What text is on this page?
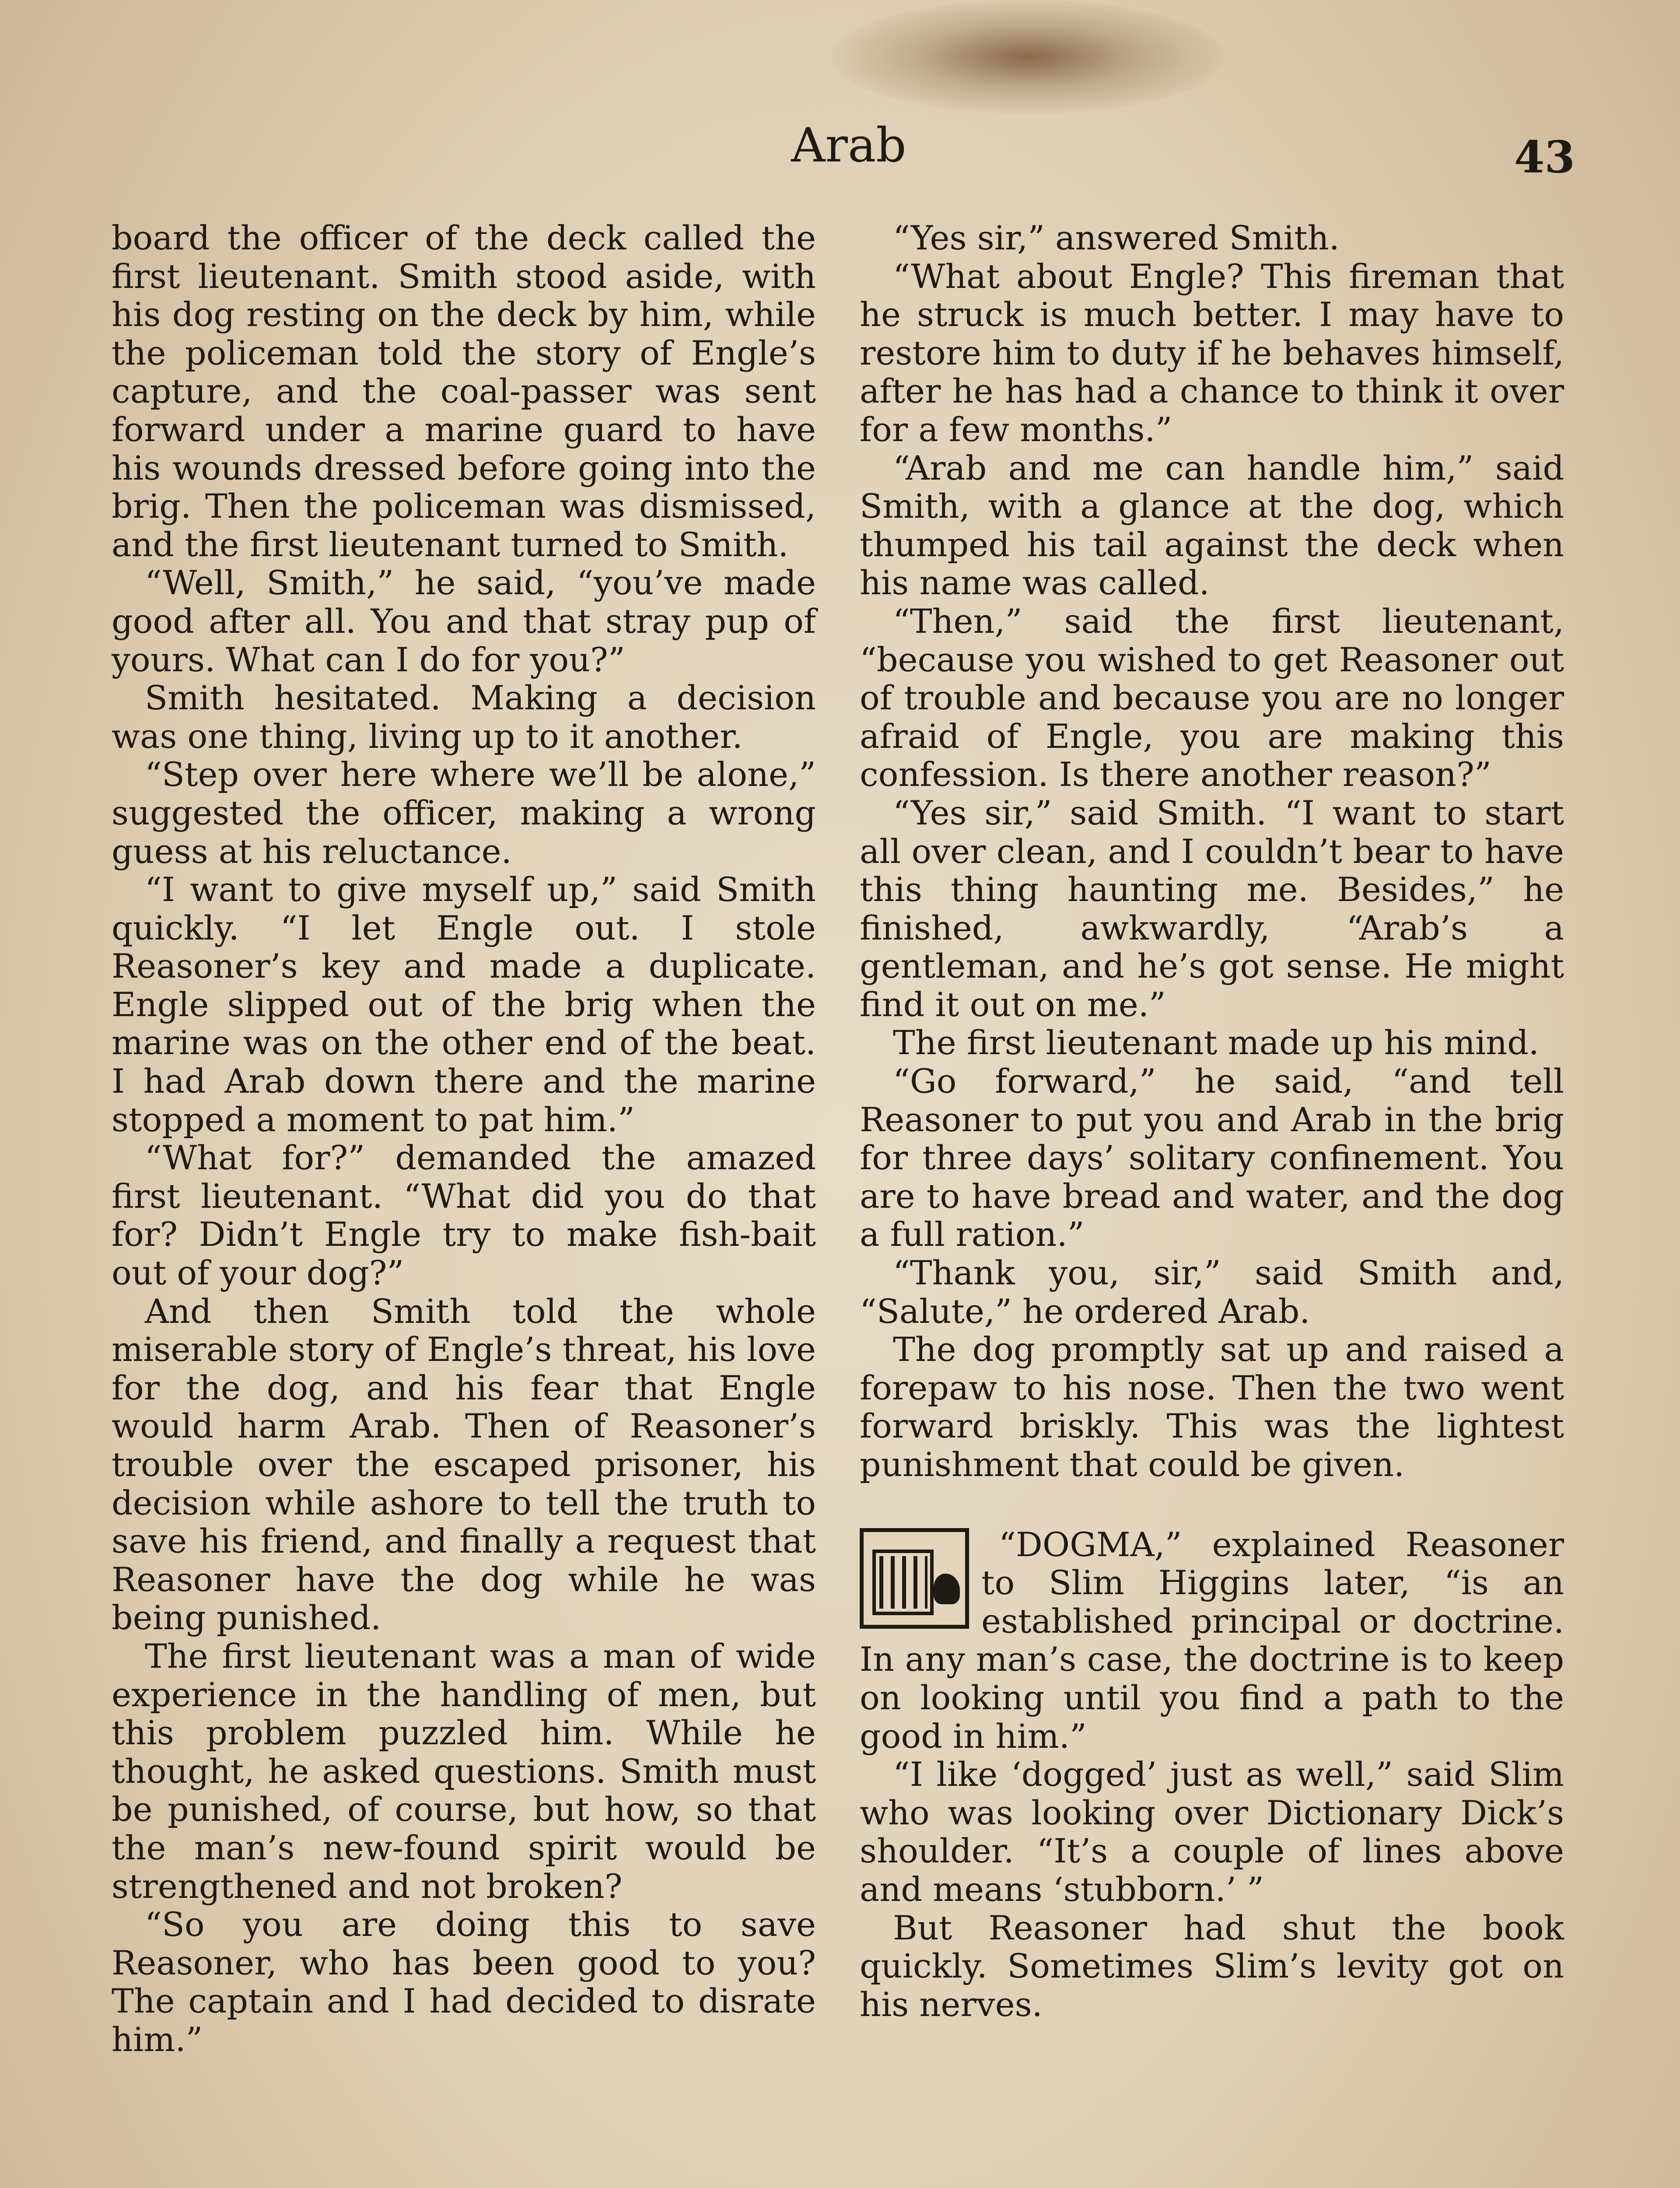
Arab	43

board the officer of the deck called the first lieutenant. Smith stood aside, with his dog resting on the deck by him, while the policeman told the story of Engle’s capture, and the coal-passer was sent forward under a marine guard to have his wounds dressed before going into the brig. Then the policeman was dismissed, and the first lieutenant turned to Smith.

“Well, Smith,” he said, “you’ve made good after all. You and that stray pup of yours. What can I do for you?”

Smith hesitated. Making a decision was one thing, living up to it another.

“Step over here where we’ll be alone,” suggested the officer, making a wrong guess at his reluctance.

“I want to give myself up,” said Smith quickly. “I let Engle out. I stole Reasoner’s key and made a duplicate. Engle slipped out of the brig when the marine was on the other end of the beat. I had Arab down there and the marine stopped a moment to pat him.”

“What for?” demanded the amazed first lieutenant. “What did you do that for? Didn’t Engle try to make fish-bait out of your dog?”

And then Smith told the whole miserable story of Engle’s threat, his love for the dog, and his fear that Engle would harm Arab. Then of Reasoner’s trouble over the escaped prisoner, his decision while ashore to tell the truth to save his friend, and finally a request that Reasoner have the dog while he was being punished.

The first lieutenant was a man of wide experience in the handling of men, but this problem puzzled him. While he thought, he asked questions. Smith must be punished, of course, but how, so that the man’s new-found spirit would be strengthened and not broken?

“So you are doing this to save Reasoner, who has been good to you? The captain and I had decided to disrate him.”

“Yes sir,” answered Smith.

“What about Engle? This fireman that he struck is much better. I may have to restore him to duty if he behaves himself, after he has had a chance to think it over for a few months.”

“Arab and me can handle him,” said Smith, with a glance at the dog, which thumped his tail against the deck when his name was called.

“Then,” said the first lieutenant, “because you wished to get Reasoner out of trouble and because you are no longer afraid of Engle, you are making this confession. Is there another reason?”

“Yes sir,” said Smith. “I want to start all over clean, and I couldn’t bear to have this thing haunting me. Besides,” he finished, awkwardly, “Arab’s a gentleman, and he’s got sense. He might find it out on me.”

The first lieutenant made up his mind.

“Go forward,” he said, “and tell Reasoner to put you and Arab in the brig for three days’ solitary confinement. You are to have bread and water, and the dog a full ration.”

“Thank you, sir,” said Smith and, “Salute,” he ordered Arab.

The dog promptly sat up and raised a forepaw to his nose. Then the two went forward briskly. This was the lightest punishment that could be given.

“DOGMA,” explained Reasoner to Slim Higgins later, “is an established principal or doctrine. In any man’s case, the doctrine is to keep on looking until you find a path to the good in him.”

“I like ‘dogged’ just as well,” said Slim who was looking over Dictionary Dick’s shoulder. “It’s a couple of lines above and means ‘stubborn.’ ”

But Reasoner had shut the book quickly. Sometimes Slim’s levity got on his nerves.
